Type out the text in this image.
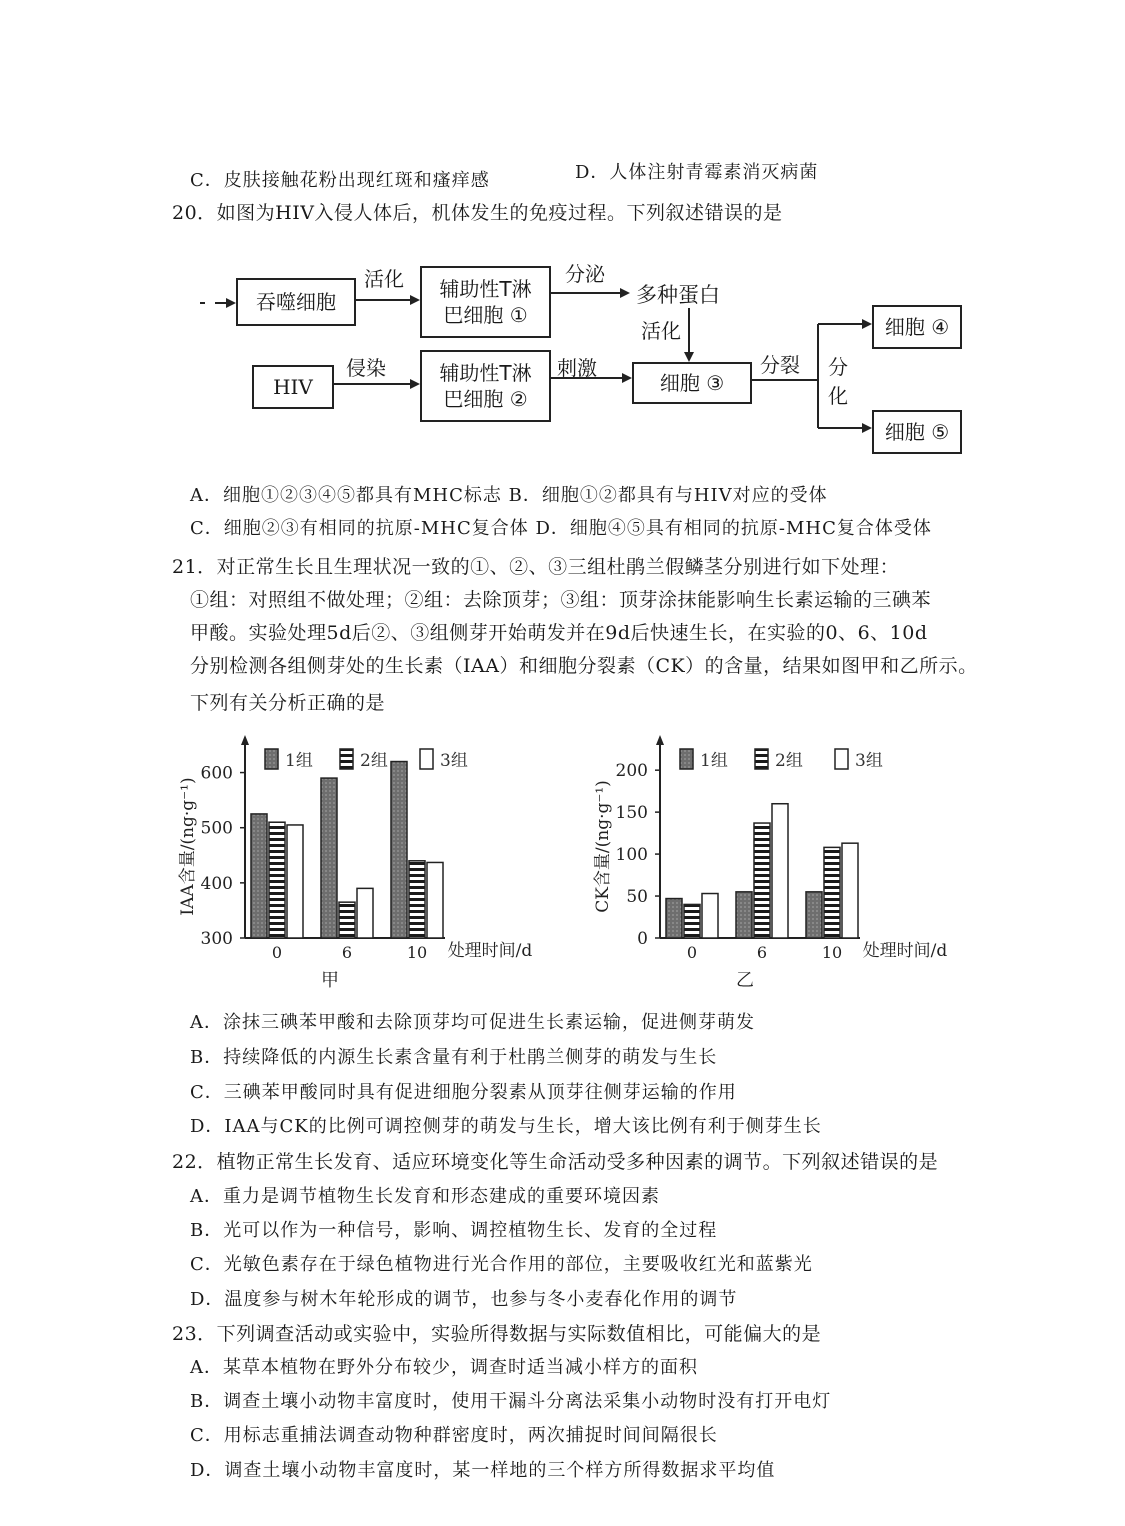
C．皮肤接触花粉出现红斑和瘙痒感	D．人体注射青霉素消灭病菌
20．如图为HIV入侵人体后，机体发生的免疫过程。下列叙述错误的是
吞噬细胞
活化 辅助性T淋
巴细胞 ①
分泌
多种蛋白
活化
HIV
侵染	辅助性T淋
巴细胞 ②
刺激
细胞 ③
分裂 分
化
细胞 ④
细胞 ⑤
A．细胞①②③④⑤都具有MHC标志 B．细胞①②都具有与HIV对应的受体
C．细胞②③有相同的抗原-MHC复合体 D．细胞④⑤具有相同的抗原-MHC复合体受体
21．对正常生长且生理状况一致的①、②、③三组杜鹃兰假鳞茎分别进行如下处理：
①组：对照组不做处理；②组：去除顶芽；③组：顶芽涂抹能影响生长素运输的三碘苯
甲酸。实验处理5d后②、③组侧芽开始萌发并在9d后快速生长，在实验的0、6、10d
分别检测各组侧芽处的生长素（IAA）和细胞分裂素（CK）的含量，结果如图甲和乙所示。
下列有关分析正确的是
300
400
500
600
IAA含量/(ng·g⁻¹)
0	6	10 处理时间/d
甲
1组	2组	3组
0
50
100
150
200
CK含量/(ng·g⁻¹)
0	6	10 处理时间/d
乙
1组	2组	3组
A．涂抹三碘苯甲酸和去除顶芽均可促进生长素运输，促进侧芽萌发
B．持续降低的内源生长素含量有利于杜鹃兰侧芽的萌发与生长
C．三碘苯甲酸同时具有促进细胞分裂素从顶芽往侧芽运输的作用
D．IAA与CK的比例可调控侧芽的萌发与生长，增大该比例有利于侧芽生长
22．植物正常生长发育、适应环境变化等生命活动受多种因素的调节。下列叙述错误的是
A．重力是调节植物生长发育和形态建成的重要环境因素
B．光可以作为一种信号，影响、调控植物生长、发育的全过程
C．光敏色素存在于绿色植物进行光合作用的部位，主要吸收红光和蓝紫光
D．温度参与树木年轮形成的调节，也参与冬小麦春化作用的调节
23．下列调查活动或实验中，实验所得数据与实际数值相比，可能偏大的是
A．某草本植物在野外分布较少，调查时适当减小样方的面积
B．调查土壤小动物丰富度时，使用干漏斗分离法采集小动物时没有打开电灯
C．用标志重捕法调查动物种群密度时，两次捕捉时间间隔很长
D．调查土壤小动物丰富度时，某一样地的三个样方所得数据求平均值
